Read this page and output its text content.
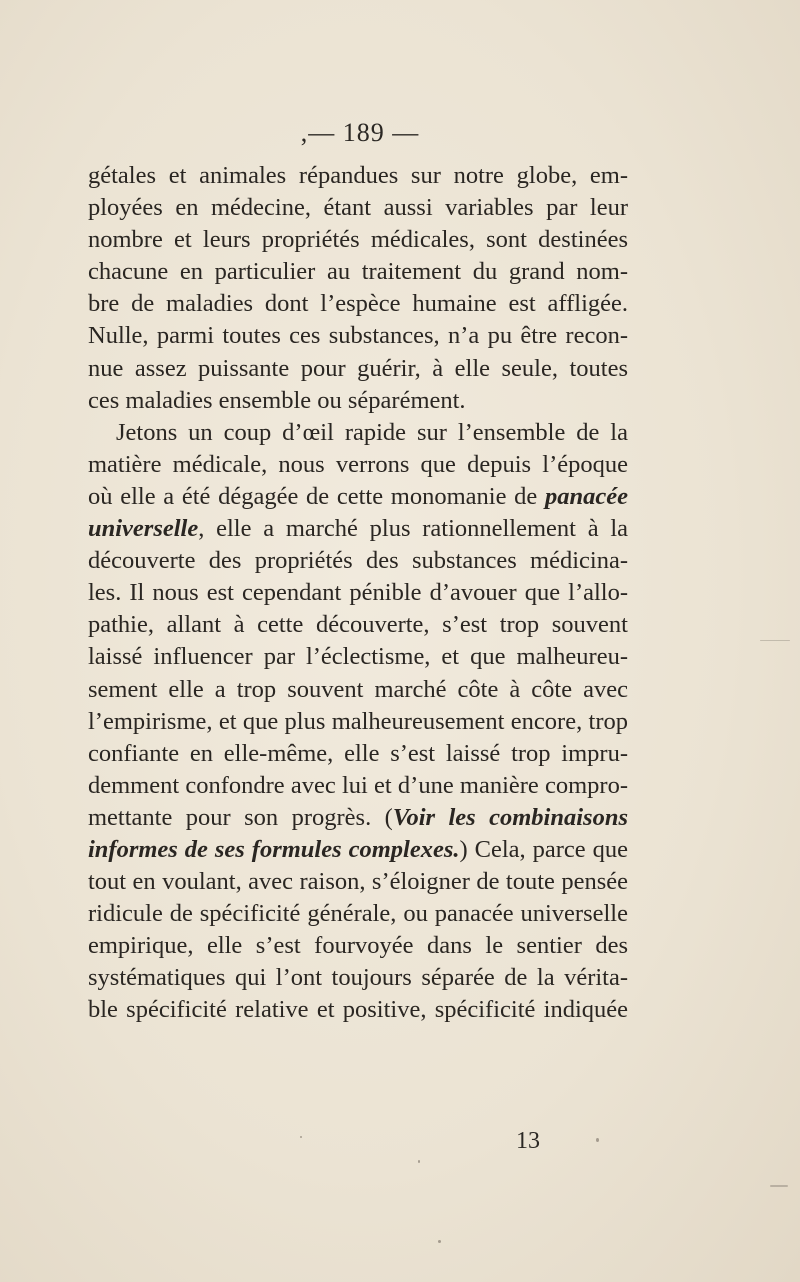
,— 189 —
gétales et animales répandues sur notre globe, em-
ployées en médecine, étant aussi variables par leur
nombre et leurs propriétés médicales, sont destinées
chacune en particulier au traitement du grand nom-
bre de maladies dont l’espèce humaine est affligée.
Nulle, parmi toutes ces substances, n’a pu être recon-
nue assez puissante pour guérir, à elle seule, toutes
ces maladies ensemble ou séparément.
Jetons un coup d’œil rapide sur l’ensemble de la
matière médicale, nous verrons que depuis l’époque
où elle a été dégagée de cette monomanie de panacée
universelle, elle a marché plus rationnellement à la
découverte des propriétés des substances médicina-
les. Il nous est cependant pénible d’avouer que l’allo-
pathie, allant à cette découverte, s’est trop souvent
laissé influencer par l’éclectisme, et que malheureu-
sement elle a trop souvent marché côte à côte avec
l’empirisme, et que plus malheureusement encore, trop
confiante en elle-même, elle s’est laissé trop impru-
demment confondre avec lui et d’une manière compro-
mettante pour son progrès. (Voir les combinaisons
informes de ses formules complexes.) Cela, parce que
tout en voulant, avec raison, s’éloigner de toute pensée
ridicule de spécificité générale, ou panacée universelle
empirique, elle s’est fourvoyée dans le sentier des
systématiques qui l’ont toujours séparée de la vérita-
ble spécificité relative et positive, spécificité indiquée
13
